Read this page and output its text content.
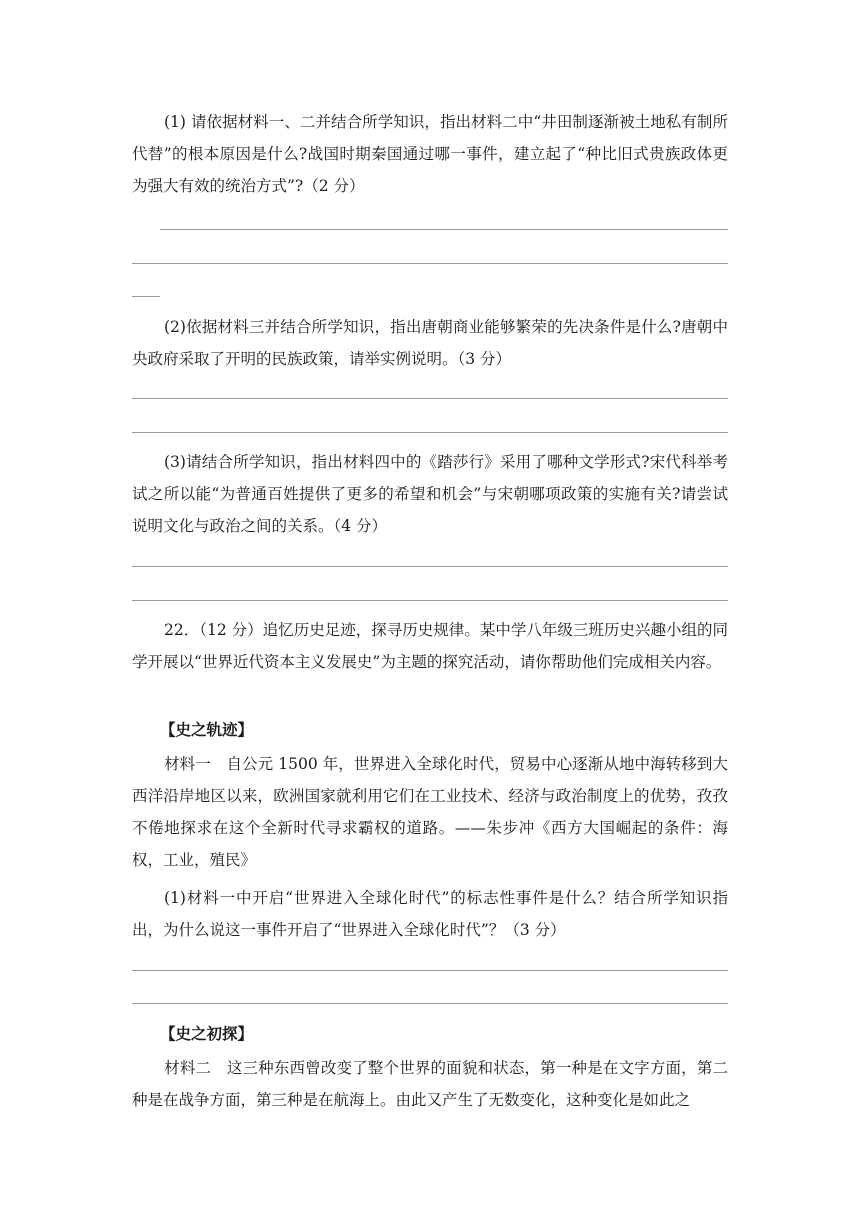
(1) 请依据材料一、二并结合所学知识，指出材料二中“井田制逐渐被土地私有制所代替”的根本原因是什么?战国时期秦国通过哪一事件，建立起了“种比旧式贵族政体更为强大有效的统治方式”?（2 分）

(2)依据材料三并结合所学知识，指出唐朝商业能够繁荣的先决条件是什么?唐朝中央政府采取了开明的民族政策，请举实例说明。（3 分）

(3)请结合所学知识，指出材料四中的《踏莎行》采用了哪种文学形式?宋代科举考试之所以能“为普通百姓提供了更多的希望和机会”与宋朝哪项政策的实施有关?请尝试说明文化与政治之间的关系。（4 分）

22．（12 分）追忆历史足迹，探寻历史规律。某中学八年级三班历史兴趣小组的同学开展以“世界近代资本主义发展史”为主题的探究活动，请你帮助他们完成相关内容。

【史之轨迹】

材料一　自公元 1500 年，世界进入全球化时代，贸易中心逐渐从地中海转移到大西洋沿岸地区以来，欧洲国家就利用它们在工业技术、经济与政治制度上的优势，孜孜不倦地探求在这个全新时代寻求霸权的道路。——朱步冲《西方大国崛起的条件：海权，工业，殖民》

(1)材料一中开启“世界进入全球化时代”的标志性事件是什么？结合所学知识指出，为什么说这一事件开启了“世界进入全球化时代”？（3 分）

【史之初探】

材料二　这三种东西曾改变了整个世界的面貌和状态，第一种是在文字方面，第二种是在战争方面，第三种是在航海上。由此又产生了无数变化，这种变化是如此之
